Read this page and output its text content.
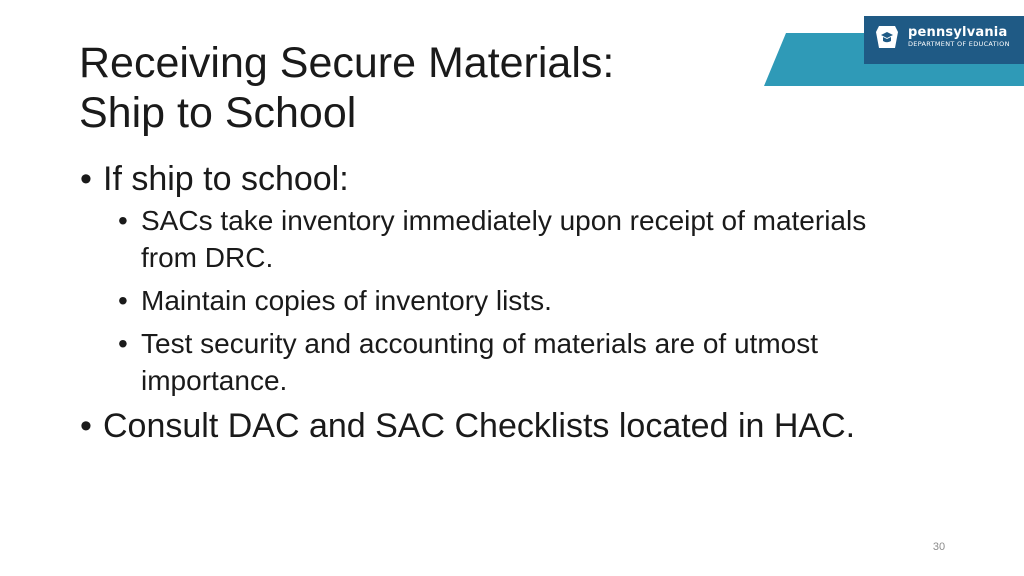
pennsylvania
DEPARTMENT OF EDUCATION
Receiving Secure Materials:
Ship to School
• If ship to school:
• SACs take inventory immediately upon receipt of materials from DRC.
• Maintain copies of inventory lists.
• Test security and accounting of materials are of utmost importance.
• Consult DAC and SAC Checklists located in HAC.
30
